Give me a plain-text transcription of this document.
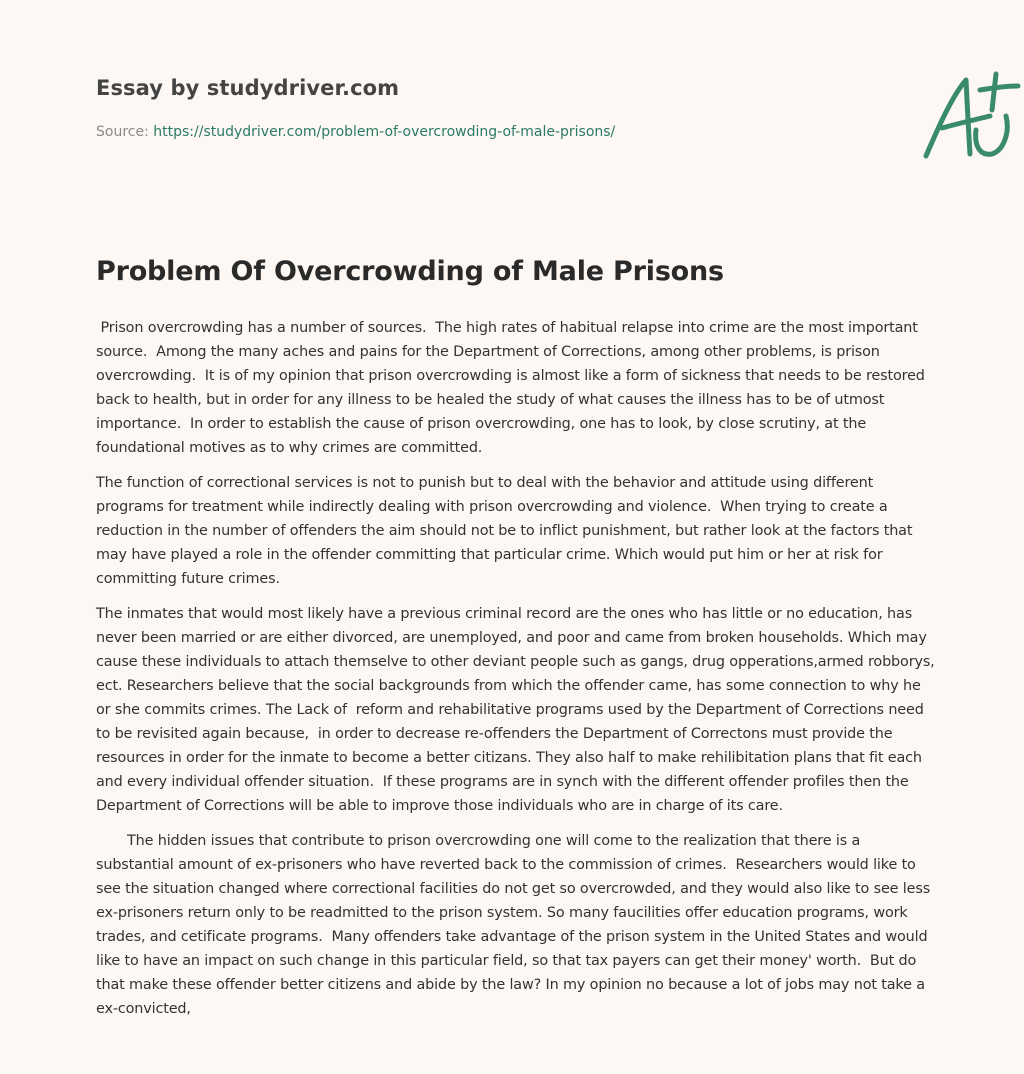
Essay by studydriver.com
Source: https://studydriver.com/problem-of-overcrowding-of-male-prisons/
Problem Of Overcrowding of Male Prisons

Prison overcrowding has a number of sources.  The high rates of habitual relapse into crime are the most important source.  Among the many aches and pains for the Department of Corrections, among other problems, is prison overcrowding.  It is of my opinion that prison overcrowding is almost like a form of sickness that needs to be restored back to health, but in order for any illness to be healed the study of what causes the illness has to be of utmost importance.  In order to establish the cause of prison overcrowding, one has to look, by close scrutiny, at the foundational motives as to why crimes are committed.

The function of correctional services is not to punish but to deal with the behavior and attitude using different programs for treatment while indirectly dealing with prison overcrowding and violence.  When trying to create a reduction in the number of offenders the aim should not be to inflict punishment, but rather look at the factors that may have played a role in the offender committing that particular crime. Which would put him or her at risk for committing future crimes.

The inmates that would most likely have a previous criminal record are the ones who has little or no education, has never been married or are either divorced, are unemployed, and poor and came from broken households. Which may cause these individuals to attach themselve to other deviant people such as gangs, drug opperations,armed robborys, ect. Researchers believe that the social backgrounds from which the offender came, has some connection to why he or she commits crimes. The Lack of  reform and rehabilitative programs used by the Department of Corrections need to be revisited again because,  in order to decrease re-offenders the Department of Correctons must provide the resources in order for the inmate to become a better citizans. They also half to make rehilibitation plans that fit each and every individual offender situation.  If these programs are in synch with the different offender profiles then the Department of Corrections will be able to improve those individuals who are in charge of its care.

The hidden issues that contribute to prison overcrowding one will come to the realization that there is a substantial amount of ex-prisoners who have reverted back to the commission of crimes.  Researchers would like to see the situation changed where correctional facilities do not get so overcrowded, and they would also like to see less ex-prisoners return only to be readmitted to the prison system. So many faucilities offer education programs, work trades, and cetificate programs.  Many offenders take advantage of the prison system in the United States and would like to have an impact on such change in this particular field, so that tax payers can get their money' worth.  But do that make these offender better citizens and abide by the law? In my opinion no because a lot of jobs may not take a ex-convicted,
